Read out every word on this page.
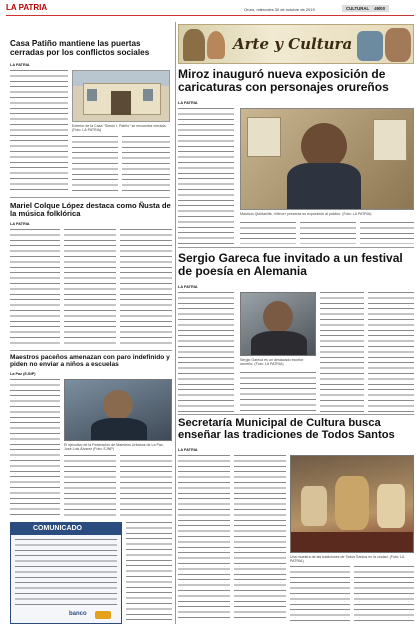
LA PATRIA	Oruro, miércoles 30 de octubre de 2019	CULTURAL 49/00
Casa Patiño mantiene las puertas cerradas por los conflictos sociales
LA PATRIA
Exterior de la Casa "Simón I. Patiño" se encuentra cerrada. (Foto: LA PATRIA)
Arte y Cultura
Miroz inauguró nueva exposición de caricaturas con personajes orureños
LA PATRIA
Mauricio Quintanilla, «Miroz» presenta su exposición al público. (Foto: LA PATRIA)
Mariel Colque López destaca como Ñusta de la música folklórica
LA PATRIA
Maestros paceños amenazan con paro indefinido y piden no enviar a niños a escuelas
La Paz (EJNP)
El ejecutivo de la Federación de Maestros Urbanos de La Paz, José Luis Álvarez (Foto: EJNP)
COMUNICADO
banco
Sergio Gareca fue invitado a un festival de poesía en Alemania
LA PATRIA
Sergio Gareca es un destacado escritor orureño. (Foto: LA PATRIA)
Secretaría Municipal de Cultura busca enseñar las tradiciones de Todos Santos
LA PATRIA
Una muestra de las tradiciones de Todos Santos en la ciudad. (Foto: LA PATRIA)
